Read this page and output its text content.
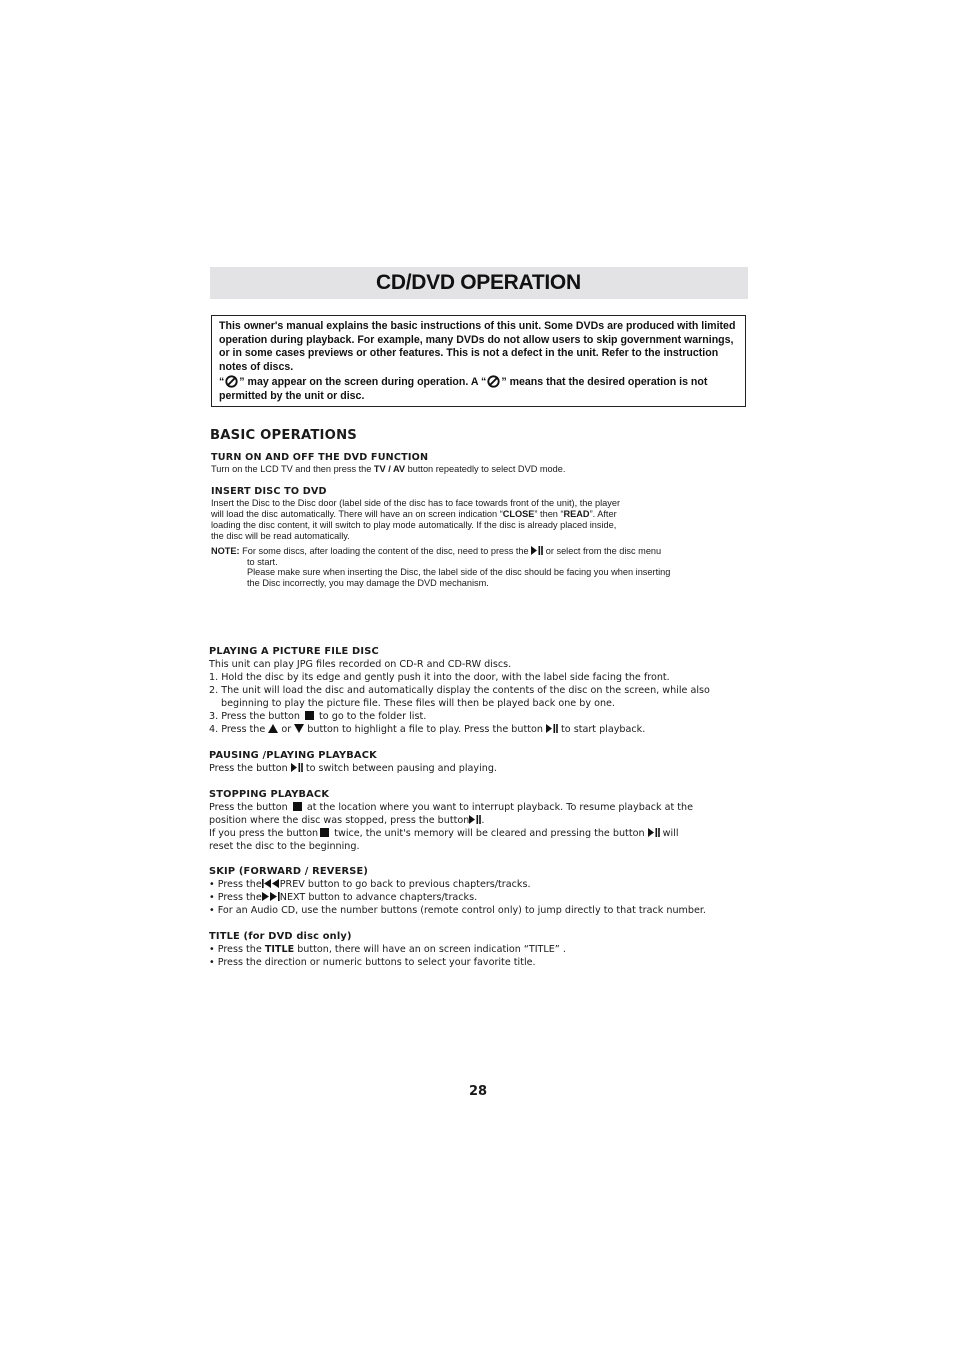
CD/DVD OPERATION

This owner's manual explains the basic instructions of this unit. Some DVDs are produced with limited operation during playback. For example, many DVDs do not allow users to skip government warnings, or in some cases previews or other features. This is not a defect in the unit. Refer to the instruction notes of discs.

“ ” may appear on the screen during operation. A “ ” means that the desired operation is not permitted by the unit or disc.

BASIC OPERATIONS
TURN ON AND OFF THE DVD FUNCTION
Turn on the LCD TV and then press the TV / AV button repeatedly to select DVD mode.
INSERT DISC TO DVD
Insert the Disc to the Disc door (label side of the disc has to face towards front of the unit), the player
will load the disc automatically. There will have an on screen indication “CLOSE” then “READ”. After
loading the disc content, it will switch to play mode automatically. If the disc is already placed inside,
the disc will be read automatically.
NOTE: For some discs, after loading the content of the disc, need to press the  or select from the disc menu
to start.
Please make sure when inserting the Disc, the label side of the disc should be facing you when inserting
the Disc incorrectly, you may damage the DVD mechanism.
PLAYING A PICTURE FILE DISC
This unit can play JPG files recorded on CD-R and CD-RW discs.
1. Hold the disc by its edge and gently push it into the door, with the label side facing the front.
2. The unit will load the disc and automatically display the contents of the disc on the screen, while also
beginning to play the picture file. These files will then be played back one by one.
3. Press the button  to go to the folder list.
4. Press the  or  button to highlight a file to play. Press the button  to start playback.
PAUSING /PLAYING PLAYBACK
Press the button  to switch between pausing and playing.
STOPPING PLAYBACK
Press the button  at the location where you want to interrupt playback. To resume playback at the
position where the disc was stopped, press the button .
If you press the button twice, the unit's memory will be cleared and pressing the button  will
reset the disc to the beginning.
SKIP (FORWARD / REVERSE)
• Press the PREV button to go back to previous chapters/tracks.
• Press the NEXT button to advance chapters/tracks.
• For an Audio CD, use the number buttons (remote control only) to jump directly to that track number.
TITLE (for DVD disc only)
• Press the TITLE button, there will have an on screen indication “TITLE” .
• Press the direction or numeric buttons to select your favorite title.
28
